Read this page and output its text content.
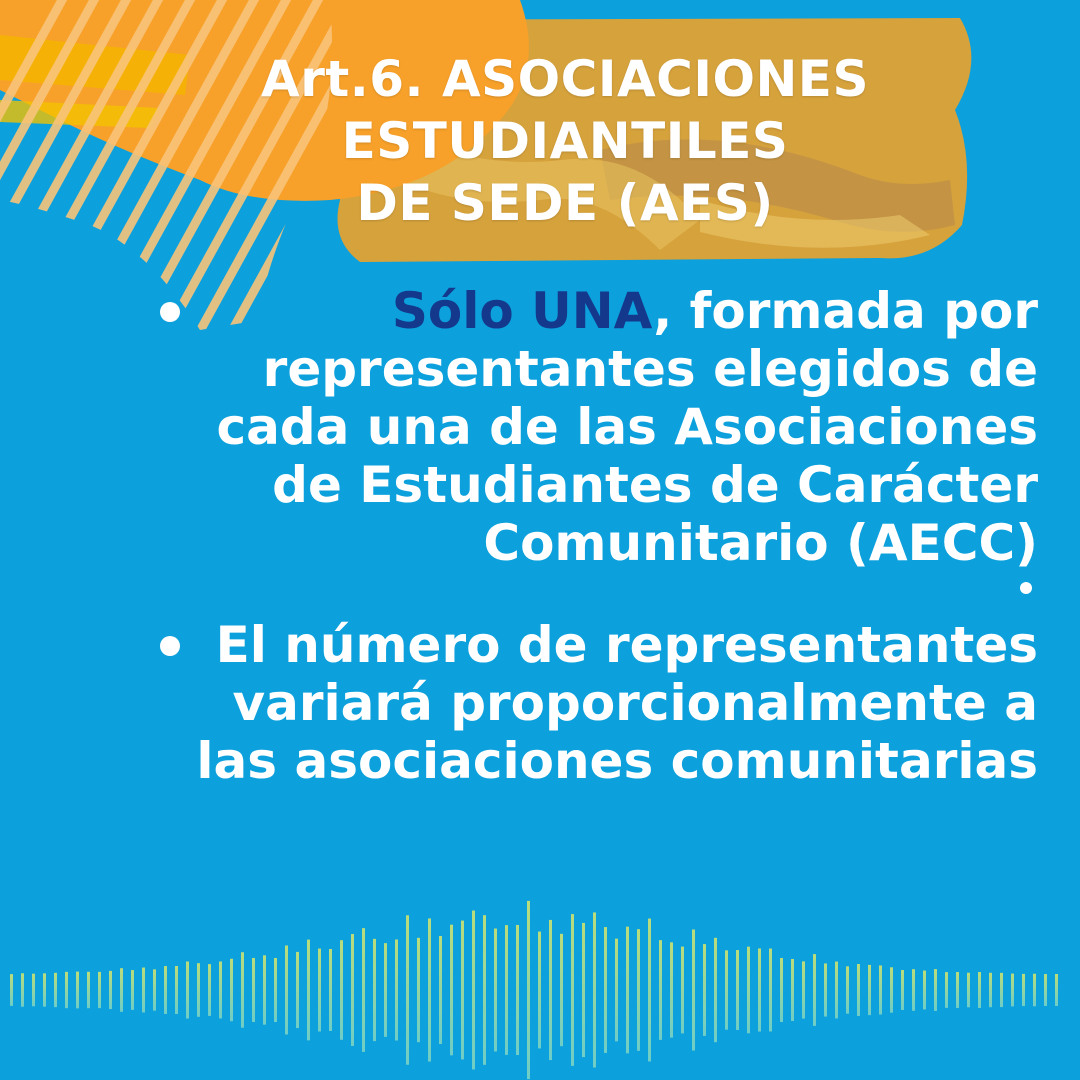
Art.6. ASOCIACIONES
ESTUDIANTILES
DE SEDE (AES)
Sólo UNA, formada por representantes elegidos de cada una de las Asociaciones de Estudiantes de Carácter Comunitario (AECC)
El número de representantes variará proporcionalmente a las asociaciones comunitarias
